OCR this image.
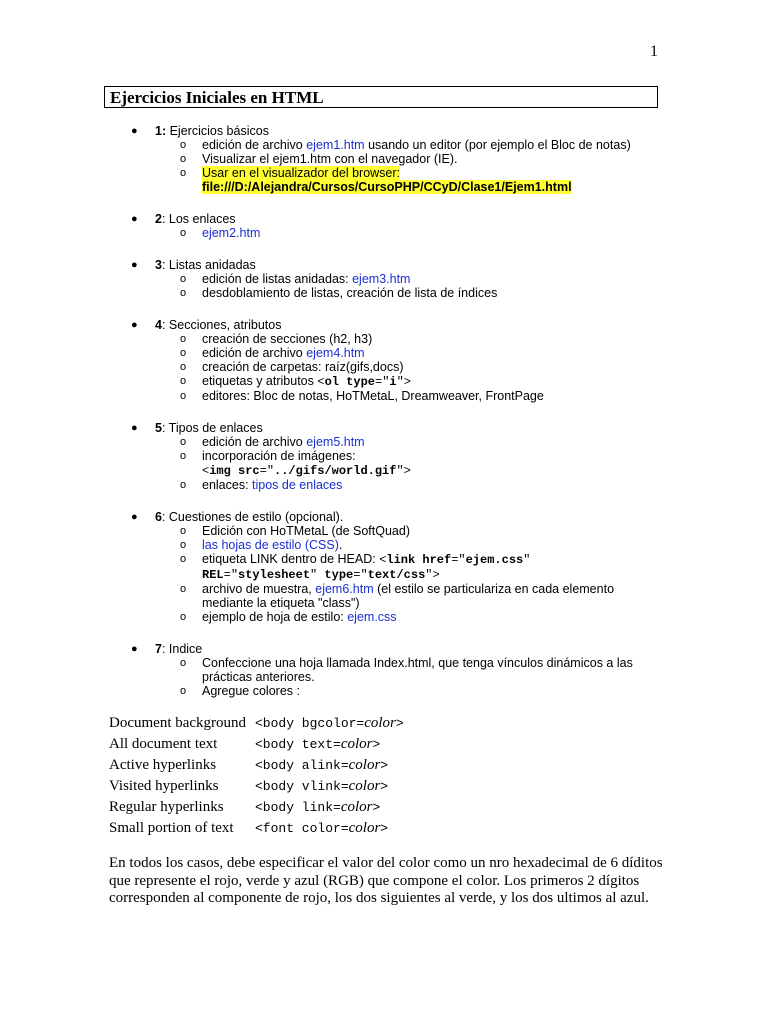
1
Ejercicios Iniciales en HTML
● 1: Ejercicios básicos
o edición de archivo ejem1.htm usando un editor (por ejemplo el Bloc de notas)
o Visualizar el ejem1.htm con el navegador (IE).
o Usar en el visualizador del browser:
file:///D:/Alejandra/Cursos/CursoPHP/CCyD/Clase1/Ejem1.html
● 2: Los enlaces
o ejem2.htm
● 3: Listas anidadas
o edición de listas anidadas: ejem3.htm
o desdoblamiento de listas, creación de lista de índices
● 4: Secciones, atributos
o creación de secciones (h2, h3)
o edición de archivo ejem4.htm
o creación de carpetas: raíz(gifs,docs)
o etiquetas y atributos <ol type="i">
o editores: Bloc de notas, HoTMetaL, Dreamweaver, FrontPage
● 5: Tipos de enlaces
o edición de archivo ejem5.htm
o incorporación de imágenes:
<img src="../gifs/world.gif">
o enlaces: tipos de enlaces
● 6: Cuestiones de estilo (opcional).
o Edición con HoTMetaL (de SoftQuad)
o las hojas de estilo (CSS).
o etiqueta LINK dentro de HEAD: <link href="ejem.css"
REL="stylesheet" type="text/css">
o archivo de muestra, ejem6.htm (el estilo se particulariza en cada elemento
mediante la etiqueta "class")
o ejemplo de hoja de estilo: ejem.css
● 7: Indice
o Confeccione una hoja llamada Index.html, que tenga vínculos dinámicos a las
prácticas anteriores.
o Agregue colores :
Document background <body bgcolor=color>
All document text	<body text=color>
Active hyperlinks	<body alink=color>
Visited hyperlinks	<body vlink=color>
Regular hyperlinks <body link=color>
Small portion of text <font color=color>
En todos los casos, debe especificar el valor del color como un nro hexadecimal de 6 díditos que represente el rojo, verde y azul (RGB) que compone el color. Los primeros 2 dígitos corresponden al componente de rojo, los dos siguientes al verde, y los dos ultimos al azul.
